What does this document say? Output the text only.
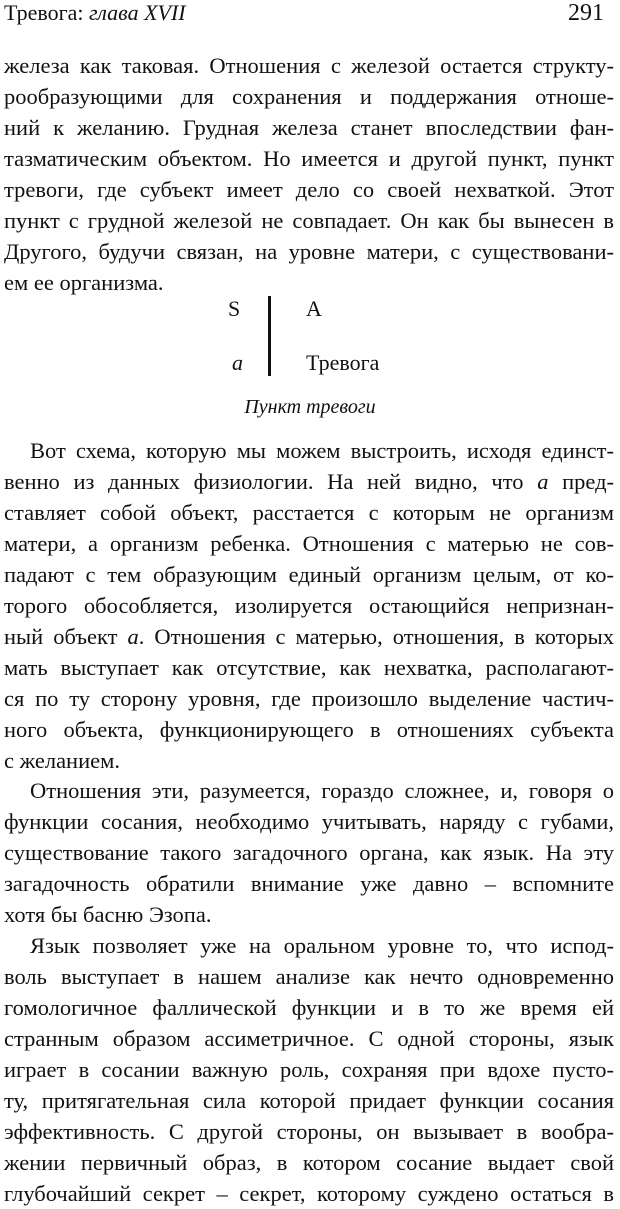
Тревога: глава XVII	291
железа как таковая. Отношения с железой остается структу-
рообразующими для сохранения и поддержания отноше-
ний к желанию. Грудная железа станет впоследствии фан-
тазматическим объектом. Но имеется и другой пункт, пункт
тревоги, где субъект имеет дело со своей нехваткой. Этот
пункт с грудной железой не совпадает. Он как бы вынесен в
Другого, будучи связан, на уровне матери, с существовани-
ем ее организма.
S	A
a	Тревога
Пункт тревоги
Вот схема, которую мы можем выстроить, исходя единст-
венно из данных физиологии. На ней видно, что a пред-
ставляет собой объект, расстается с которым не организм
матери, а организм ребенка. Отношения с матерью не сов-
падают с тем образующим единый организм целым, от ко-
торого обособляется, изолируется остающийся непризнан-
ный объект a. Отношения с матерью, отношения, в которых
мать выступает как отсутствие, как нехватка, располагают-
ся по ту сторону уровня, где произошло выделение частич-
ного объекта, функционирующего в отношениях субъекта
с желанием.
Отношения эти, разумеется, гораздо сложнее, и, говоря о
функции сосания, необходимо учитывать, наряду с губами,
существование такого загадочного органа, как язык. На эту
загадочность обратили внимание уже давно – вспомните
хотя бы басню Эзопа.
Язык позволяет уже на оральном уровне то, что испод-
воль выступает в нашем анализе как нечто одновременно
гомологичное фаллической функции и в то же время ей
странным образом ассиметричное. С одной стороны, язык
играет в сосании важную роль, сохраняя при вдохе пусто-
ту, притягательная сила которой придает функции сосания
эффективность. С другой стороны, он вызывает в вообра-
жении первичный образ, в котором сосание выдает свой
глубочайший секрет – секрет, которому суждено остаться в
